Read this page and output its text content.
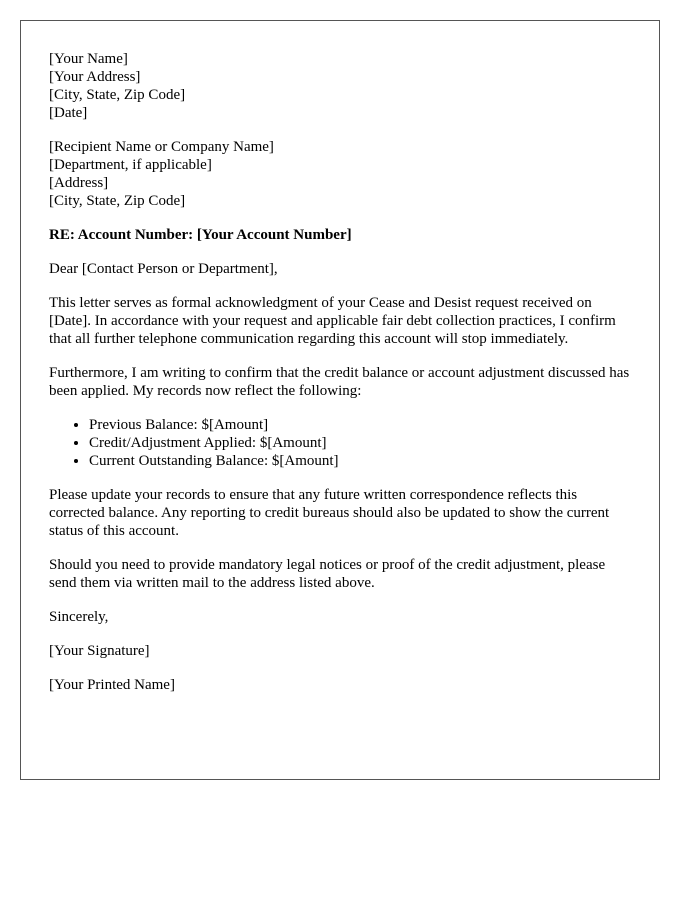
[Your Name]
[Your Address]
[City, State, Zip Code]
[Date]
[Recipient Name or Company Name]
[Department, if applicable]
[Address]
[City, State, Zip Code]

RE: Account Number: [Your Account Number]

Dear [Contact Person or Department],

This letter serves as formal acknowledgment of your Cease and Desist request received on [Date]. In accordance with your request and applicable fair debt collection practices, I confirm that all further telephone communication regarding this account will stop immediately.

Furthermore, I am writing to confirm that the credit balance or account adjustment discussed has been applied. My records now reflect the following:

• Previous Balance: $[Amount]
• Credit/Adjustment Applied: $[Amount]
• Current Outstanding Balance: $[Amount]

Please update your records to ensure that any future written correspondence reflects this corrected balance. Any reporting to credit bureaus should also be updated to show the current status of this account.

Should you need to provide mandatory legal notices or proof of the credit adjustment, please send them via written mail to the address listed above.

Sincerely,

[Your Signature]

[Your Printed Name]
